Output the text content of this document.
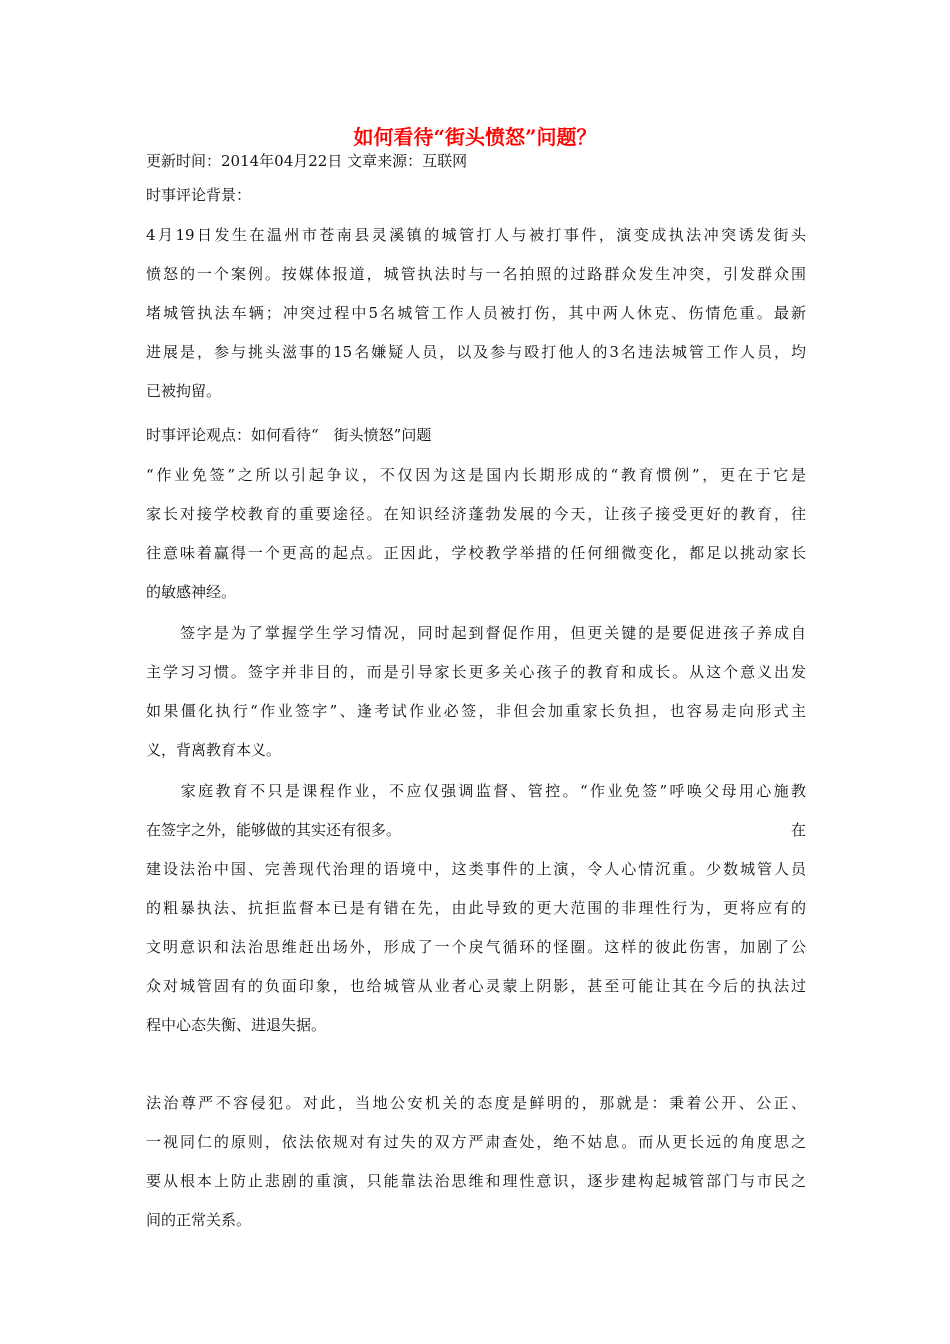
如何看待“街头愤怒”问题？
更新时间：2014年04月22日 文章来源：互联网
时事评论背景：
4月19日发生在温州市苍南县灵溪镇的城管打人与被打事件，演变成执法冲突诱发街头
愤怒的一个案例。按媒体报道，城管执法时与一名拍照的过路群众发生冲突，引发群众围
堵城管执法车辆；冲突过程中5名城管工作人员被打伤，其中两人休克、伤情危重。最新
进展是，参与挑头滋事的15名嫌疑人员，以及参与殴打他人的3名违法城管工作人员，均
已被拘留。
时事评论观点：如何看待“　街头愤怒”问题
“作业免签”之所以引起争议，不仅因为这是国内长期形成的“教育惯例”，更在于它是
家长对接学校教育的重要途径。在知识经济蓬勃发展的今天，让孩子接受更好的教育，往
往意味着赢得一个更高的起点。正因此，学校教学举措的任何细微变化，都足以挑动家长
的敏感神经。
　　签字是为了掌握学生学习情况，同时起到督促作用，但更关键的是要促进孩子养成自
主学习习惯。签字并非目的，而是引导家长更多关心孩子的教育和成长。从这个意义出发
如果僵化执行“作业签字”、逢考试作业必签，非但会加重家长负担，也容易走向形式主
义，背离教育本义。
　　家庭教育不只是课程作业，不应仅强调监督、管控。“作业免签”呼唤父母用心施教
在签字之外，能够做的其实还有很多。	在
建设法治中国、完善现代治理的语境中，这类事件的上演，令人心情沉重。少数城管人员
的粗暴执法、抗拒监督本已是有错在先，由此导致的更大范围的非理性行为，更将应有的
文明意识和法治思维赶出场外，形成了一个戾气循环的怪圈。这样的彼此伤害，加剧了公
众对城管固有的负面印象，也给城管从业者心灵蒙上阴影，甚至可能让其在今后的执法过
程中心态失衡、进退失据。
法治尊严不容侵犯。对此，当地公安机关的态度是鲜明的，那就是：秉着公开、公正、
一视同仁的原则，依法依规对有过失的双方严肃查处，绝不姑息。而从更长远的角度思之
要从根本上防止悲剧的重演，只能靠法治思维和理性意识，逐步建构起城管部门与市民之
间的正常关系。
